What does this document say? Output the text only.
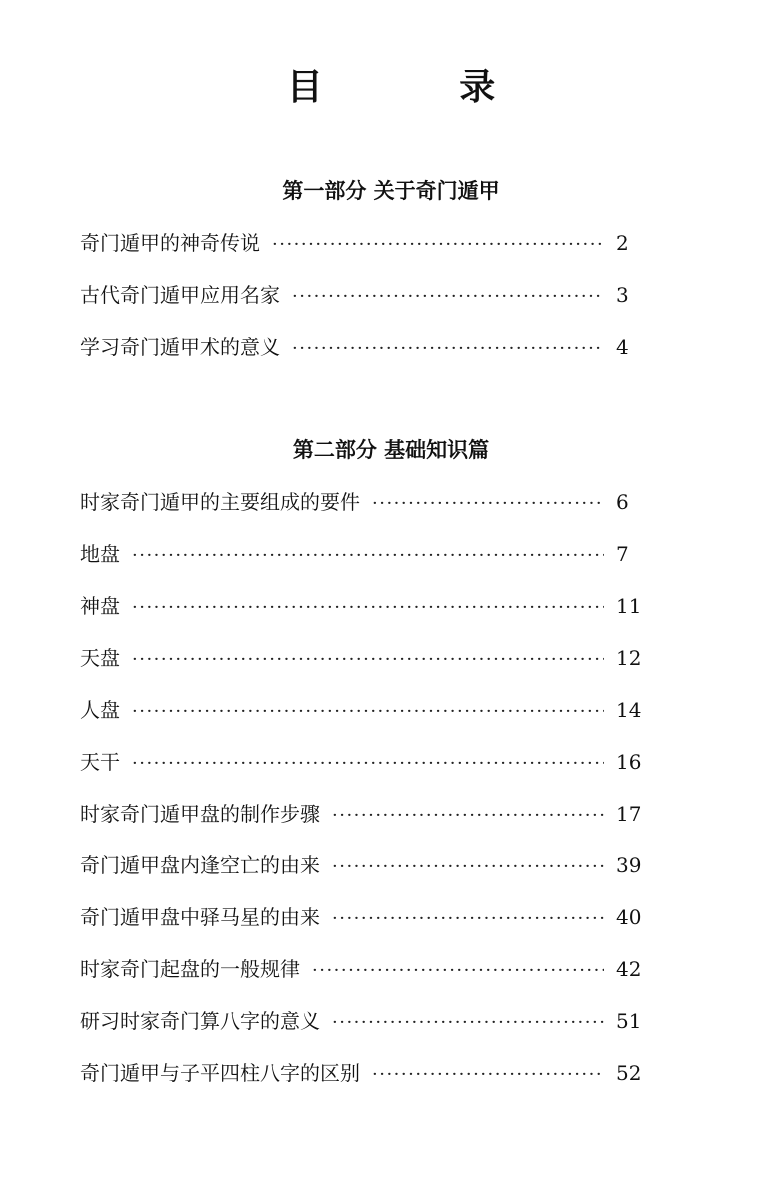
目 录
第一部分 关于奇门遁甲
奇门遁甲的神奇传说 ·····	2
古代奇门遁甲应用名家 ·····	3
学习奇门遁甲术的意义 ·····	4
第二部分 基础知识篇
时家奇门遁甲的主要组成的要件 ·····	6
地盘 ·····	7
神盘 ·····	11
天盘 ·····	12
人盘 ·····	14
天干 ·····	16
时家奇门遁甲盘的制作步骤 ·····	17
奇门遁甲盘内逢空亡的由来 ·····	39
奇门遁甲盘中驿马星的由来 ·····	40
时家奇门起盘的一般规律 ·····	42
研习时家奇门算八字的意义 ·····	51
奇门遁甲与子平四柱八字的区别 ·····	52
